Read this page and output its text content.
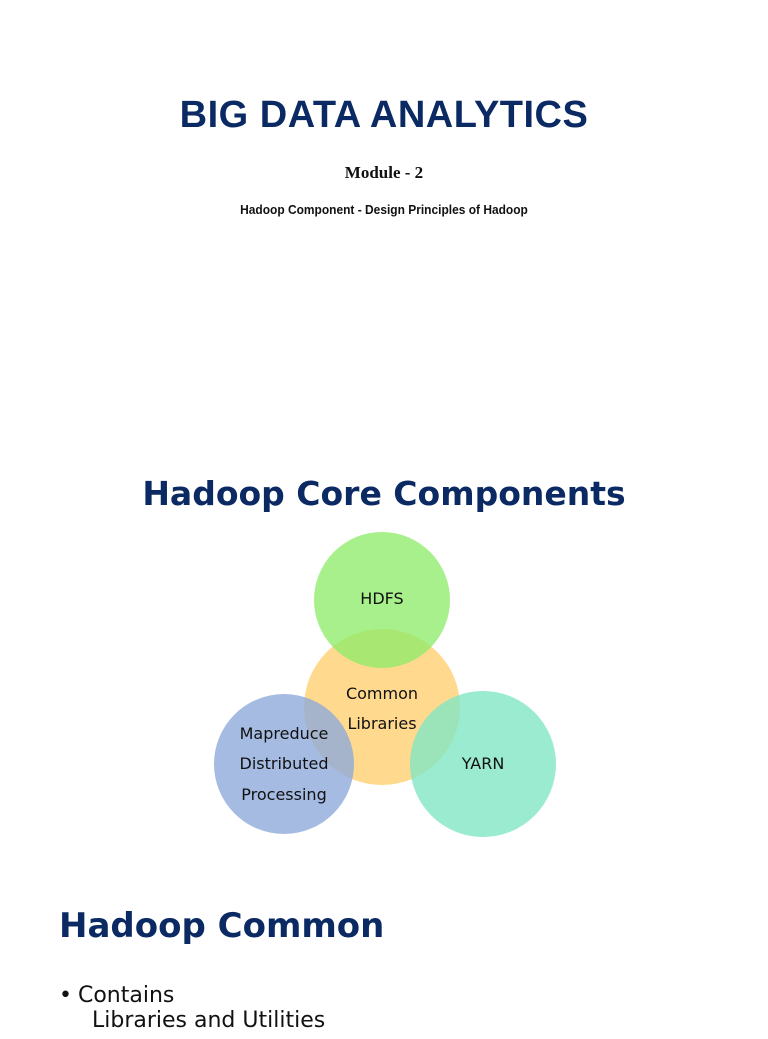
BIG DATA ANALYTICS
Module - 2
Hadoop Component - Design Principles of Hadoop
Hadoop Core Components
HDFS
Common
Libraries
Mapreduce
Distributed
Processing
YARN
Hadoop Common
• Contains
Libraries and Utilities
